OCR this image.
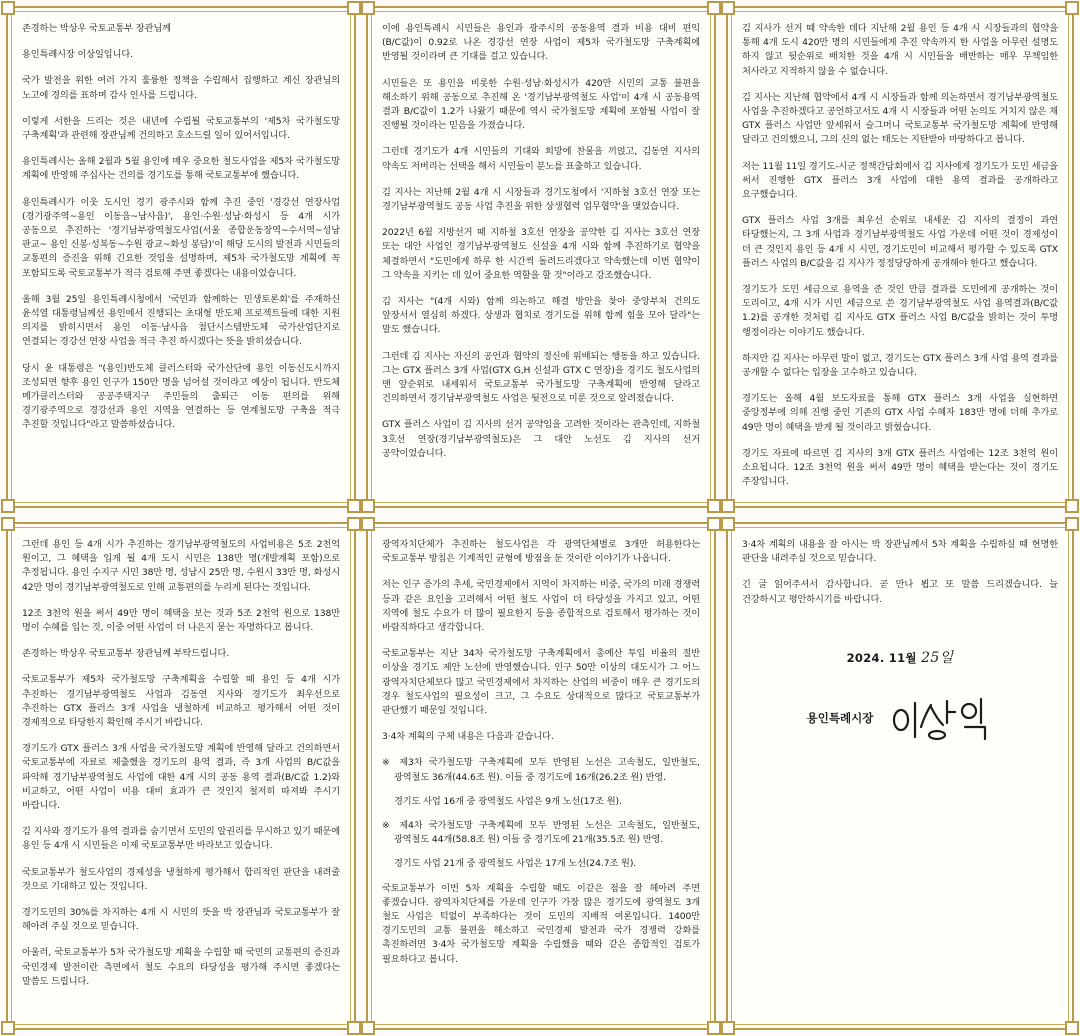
존경하는 박상우 국토교통부 장관님께

용인특례시장 이상일입니다.

국가 발전을 위한 여러 가지 훌륭한 정책을 수립해서 집행하고 계신 장관님의 노고에 경의를 표하며 감사 인사를 드립니다.

이렇게 서한을 드리는 것은 내년에 수립될 국토교통부의 '제5차 국가철도망 구축계획'과 관련해 장관님께 건의하고 호소드릴 일이 있어서입니다.

용인특례시는 올해 2월과 5월 용인에 매우 중요한 철도사업을 제5차 국가철도망 계획에 반영해 주십사는 건의를 경기도를 통해 국토교통부에 했습니다.

용인특례시가 이웃 도시인 경기 광주시와 함께 추진 중인 '경강선 연장사업(경기광주역~용인 이동읍~남사읍)', 용인·수원·성남·화성시 등 4개 시가 공동으로 추진하는 '경기남부광역철도사업(서울 종합운동장역~수서역~성남 판교~ 용인 신봉·성복동~수원 광교~화성 봉담)'이 해당 도시의 발전과 시민들의 교통편의 증진을 위해 긴요한 것임을 설명하며, 제5차 국가철도망 계획에 꼭 포함되도록 국토교통부가 적극 검토해 주면 좋겠다는 내용이었습니다.

올해 3월 25일 용인특례시청에서 '국민과 함께하는 민생토론회'를 주재하신 윤석열 대통령님께선 용인에서 진행되는 초대형 반도체 프로젝트들에 대한 지원 의지를 밝히시면서 용인 이동·남사읍 첨단시스템반도체 국가산업단지로 연결되는 경강선 연장 사업을 적극 추진 하시겠다는 뜻을 밝히셨습니다.

당시 윤 대통령은 "(용인)반도체 클러스터와 국가산단에 용인 이동신도시까지 조성되면 향후 용인 인구가 150만 명을 넘어설 것이라고 예상이 됩니다. 반도체 메가클러스터와 공공주택지구 주민들의 출퇴근 이동 편의를 위해 경기광주역으로 경강선과 용인 지역을 연결하는 등 연계철도망 구축을 적극 추진할 것입니다"라고 말씀하셨습니다.

이에 용인특례시 시민들은 용인과 광주시의 공동용역 결과 비용 대비 편익(B/C값)이 0.92로 나온 경강선 연장 사업이 제5차 국가철도망 구축계획에 반영될 것이라며 큰 기대를 걸고 있습니다.

시민들은 또 용인을 비롯한 수원·성남·화성시가 420만 시민의 교통 불편을 해소하기 위해 공동으로 추진해 온 '경기남부광역철도 사업'이 4개 시 공동용역 결과 B/C값이 1.2가 나왔기 때문에 역시 국가철도망 계획에 포함될 사업이 잘 진행될 것이라는 믿음을 가졌습니다.

그런데 경기도가 4개 시민들의 기대와 희망에 찬물을 끼얹고, 김동연 지사의 약속도 저버리는 선택을 해서 시민들이 분노를 표출하고 있습니다.

김 지사는 지난해 2월 4개 시 시장들과 경기도청에서 '지하철 3호선 연장 또는 경기남부광역철도 공동 사업 추진을 위한 상생협력 업무협약'을 맺었습니다.

2022년 6월 지방선거 때 지하철 3호선 연장을 공약한 김 지사는 3호선 연장 또는 대안 사업인 경기남부광역철도 신설을 4개 시와 함께 추진하기로 협약을 체결하면서 "도민에게 하루 한 시간씩 돌려드리겠다고 약속했는데 이번 협약이 그 약속을 지키는 데 있어 중요한 역할을 할 것"이라고 강조했습니다.

김 지사는 "(4개 시와) 함께 의논하고 해결 방안을 찾아 중앙부처 건의도 앞장서서 열심히 하겠다. 상생과 협치로 경기도를 위해 함께 힘을 모아 달라"는 말도 했습니다.

그런데 김 지사는 자신의 공언과 협약의 정신에 위배되는 행동을 하고 있습니다. 그는 GTX 플러스 3개 사업(GTX G,H 신설과 GTX C 연장)을 경기도 철도사업의 맨 앞순위로 내세워서 국토교통부 국가철도망 구축계획에 반영해 달라고 건의하면서 경기남부광역철도 사업은 뒷전으로 미룬 것으로 알려졌습니다.

GTX 플러스 사업이 김 지사의 선거 공약임을 고려한 것이라는 관측인데, 지하철 3호선 연장(경기남부광역철도)은 그 대안 노선도 김 지사의 선거 공약이었습니다.

김 지사가 선거 때 약속한 데다 지난해 2월 용인 등 4개 시 시장들과의 협약을 통해 4개 도시 420만 명의 시민들에게 추진 약속까지 한 사업을 아무런 설명도 하지 않고 뒷순위로 배치한 것을 4개 시 시민들을 배반하는 매우 무책임한 처사라고 지적하지 않을 수 없습니다.

김 지사는 지난해 협약에서 4개 시 시장들과 함께 의논하면서 경기남부광역철도 사업을 추진하겠다고 공언하고서도 4개 시 시장들과 어떤 논의도 거치지 않은 채 GTX 플러스 사업만 앞세워서 슬그머니 국토교통부 국가철도망 계획에 반영해 달라고 건의했으니, 그의 신의 없는 태도는 지탄받아 마땅하다고 봅니다.

저는 11월 11일 경기도-시군 정책간담회에서 김 지사에게 경기도가 도민 세금을 써서 진행한 GTX 플러스 3개 사업에 대한 용역 결과를 공개하라고 요구했습니다.

GTX 플러스 사업 3개를 최우선 순위로 내세운 김 지사의 결정이 과연 타당했는지, 그 3개 사업과 경기남부광역철도 사업 가운데 어떤 것이 경제성이 더 큰 것인지 용인 등 4개 시 시민, 경기도민이 비교해서 평가할 수 있도록 GTX 플러스 사업의 B/C값을 김 지사가 정정당당하게 공개해야 한다고 했습니다.

경기도가 도민 세금으로 용역을 준 것인 만큼 결과를 도민에게 공개하는 것이 도리이고, 4개 시가 시민 세금으로 쓴 경기남부광역철도 사업 용역결과(B/C값 1.2)를 공개한 것처럼 김 지사도 GTX 플러스 사업 B/C값을 밝히는 것이 투명 행정이라는 이야기도 했습니다.

하지만 김 지사는 아무런 말이 없고, 경기도는 GTX 플러스 3개 사업 용역 결과를 공개할 수 없다는 입장을 고수하고 있습니다.

경기도는 올해 4월 보도자료를 통해 GTX 플러스 3개 사업을 실현하면 중앙정부에 의해 진행 중인 기존의 GTX 사업 수혜자 183만 명에 더해 추가로 49만 명이 혜택을 받게 될 것이라고 밝혔습니다.

경기도 자료에 따르면 김 지사의 3개 GTX 플러스 사업에는 12조 3천억 원이 소요됩니다. 12조 3천억 원을 써서 49만 명이 혜택을 받는다는 것이 경기도 주장입니다.

그런데 용인 등 4개 시가 추진하는 경기남부광역철도의 사업비용은 5조 2천억 원이고, 그 혜택을 입게 될 4개 도시 시민은 138만 명(개발계획 포함)으로 추정됩니다. 용인 수지구 시민 38만 명, 성남시 25만 명, 수원시 33만 명, 화성시 42만 명이 경기남부광역철도로 인해 교통편의를 누리게 된다는 것입니다.

12조 3천억 원을 써서 49만 명이 혜택을 보는 것과 5조 2천억 원으로 138만 명이 수혜를 입는 것, 이중 어떤 사업이 더 나은지 묻는 자명하다고 봅니다.

존경하는 박상우 국토교통부 장관님께 부탁드립니다.

국토교통부가 제5차 국가철도망 구축계획을 수립할 때 용인 등 4개 시가 추진하는 경기남부광역철도 사업과 김동연 지사와 경기도가 최우선으로 추진하는 GTX 플러스 3개 사업을 냉철하게 비교하고 평가해서 어떤 것이 경제적으로 타당한지 확인해 주시기 바랍니다.

경기도가 GTX 플러스 3개 사업을 국가철도망 계획에 반영해 달라고 건의하면서 국토교통부에 자료로 제출했을 경기도의 용역 결과, 즉 3개 사업의 B/C값을 파악해 경기남부광역철도 사업에 대한 4개 시의 공동 용역 결과(B/C값 1.2)와 비교하고, 어떤 사업이 비용 대비 효과가 큰 것인지 철저히 따져봐 주시기 바랍니다.

김 지사와 경기도가 용역 결과를 숨기면서 도민의 알권리를 무시하고 있기 때문에 용인 등 4개 시 시민들은 이제 국토교통부만 바라보고 있습니다.

국토교통부가 철도사업의 경제성을 냉철하게 평가해서 합리적인 판단을 내려줄 것으로 기대하고 있는 것입니다.

경기도민의 30%를 차지하는 4개 시 시민의 뜻을 박 장관님과 국토교통부가 잘 헤아려 주실 것으로 믿습니다.

아울러, 국토교통부가 5차 국가철도망 계획을 수립할 때 국민의 교통편의 증진과 국민경제 발전이란 측면에서 철도 수요의 타당성을 평가해 주시면 좋겠다는 말씀도 드립니다.

광역자치단체가 추진하는 철도사업은 각 광역단체별로 3개만 허용한다는 국토교통부 방침은 기계적인 균형에 방점을 둔 것이란 이야기가 나옵니다.

저는 인구 증가의 추세, 국민경제에서 지역이 차지하는 비중, 국가의 미래 경쟁력 등과 같은 요인을 고려해서 어떤 철도 사업이 더 타당성을 가지고 있고, 어떤 지역에 철도 수요가 더 많이 필요한지 등을 종합적으로 검토해서 평가하는 것이 바람직하다고 생각합니다.

국토교통부는 지난 34차 국가철도망 구축계획에서 총예산 투입 비율의 절반 이상을 경기도 제안 노선에 반영했습니다. 인구 50만 이상의 대도시가 그 어느 광역자치단체보다 많고 국민경제에서 차지하는 산업의 비중이 매우 큰 경기도의 경우 철도사업의 필요성이 크고, 그 수요도 상대적으로 많다고 국토교통부가 판단했기 때문일 것입니다.

3·4차 계획의 구체 내용은 다음과 같습니다.

※ 제3차 국가철도망 구축계획에 모두 반영된 노선은 고속철도, 일반철도, 광역철도 36개(44.6조 원). 이들 중 경기도에 16개(26.2조 원) 반영.

경기도 사업 16개 중 광역철도 사업은 9개 노선(17조 원).

※ 제4차 국가철도망 구축계획에 모두 반영된 노선은 고속철도, 일반철도, 광역철도 44개(58.8조 원) 이들 중 경기도에 21개(35.5조 원) 반영.

경기도 사업 21개 중 광역철도 사업은 17개 노선(24.7조 원).

국토교통부가 이번 5차 계획을 수립할 때도 이같은 점을 잘 헤아려 주면 좋겠습니다. 광역자치단체를 가운데 인구가 가장 많은 경기도에 광역철도 3개 철도 사업은 턱없이 부족하다는 것이 도민의 지배적 여론입니다. 1400만 경기도민의 교통 불편을 해소하고 국민경제 발전과 국가 경쟁력 강화를 촉진하려면 3·4차 국가철도망 계획을 수립했을 때와 같은 종합적인 검토가 필요하다고 봅니다.

3·4차 계획의 내용을 잘 아시는 박 장관님께서 5차 계획을 수립하실 때 현명한 판단을 내려주실 것으로 믿습니다.

긴 글 읽어주셔서 감사합니다. 곧 만나 뵙고 또 말씀 드리겠습니다. 늘 건강하시고 평안하시기를 바랍니다.

2024. 11월 25일

용인특례시장
